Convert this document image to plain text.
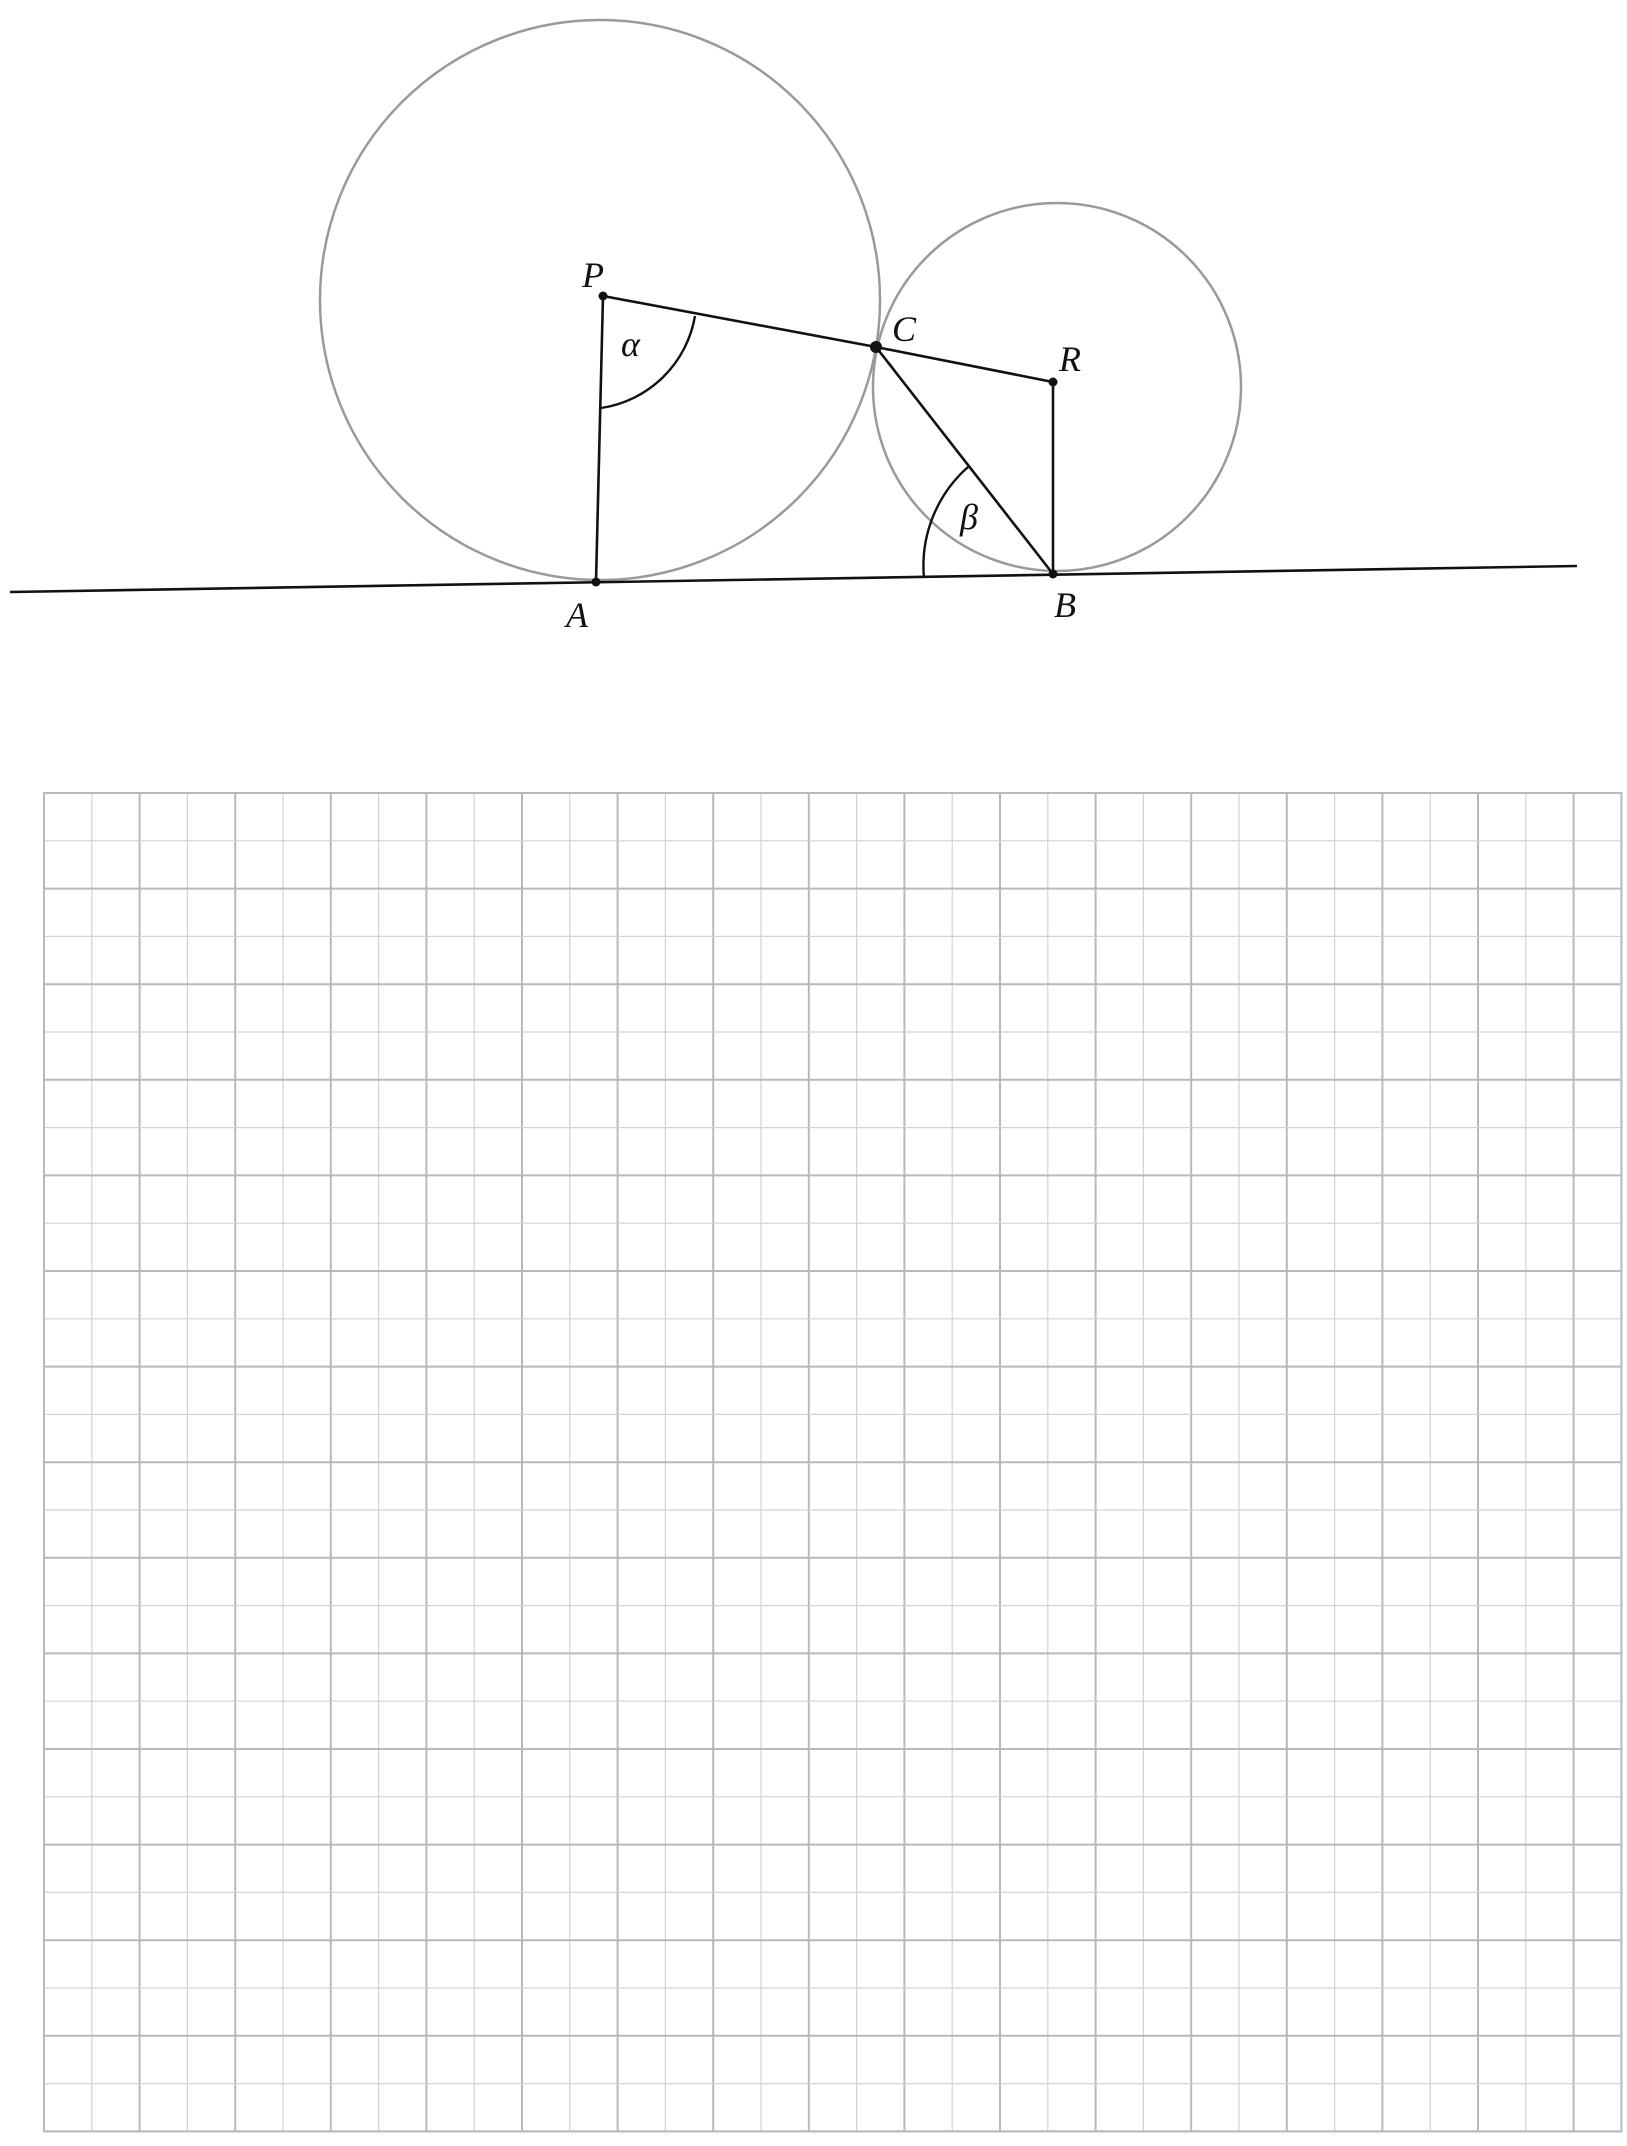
P
C
R
A	B
α
β
